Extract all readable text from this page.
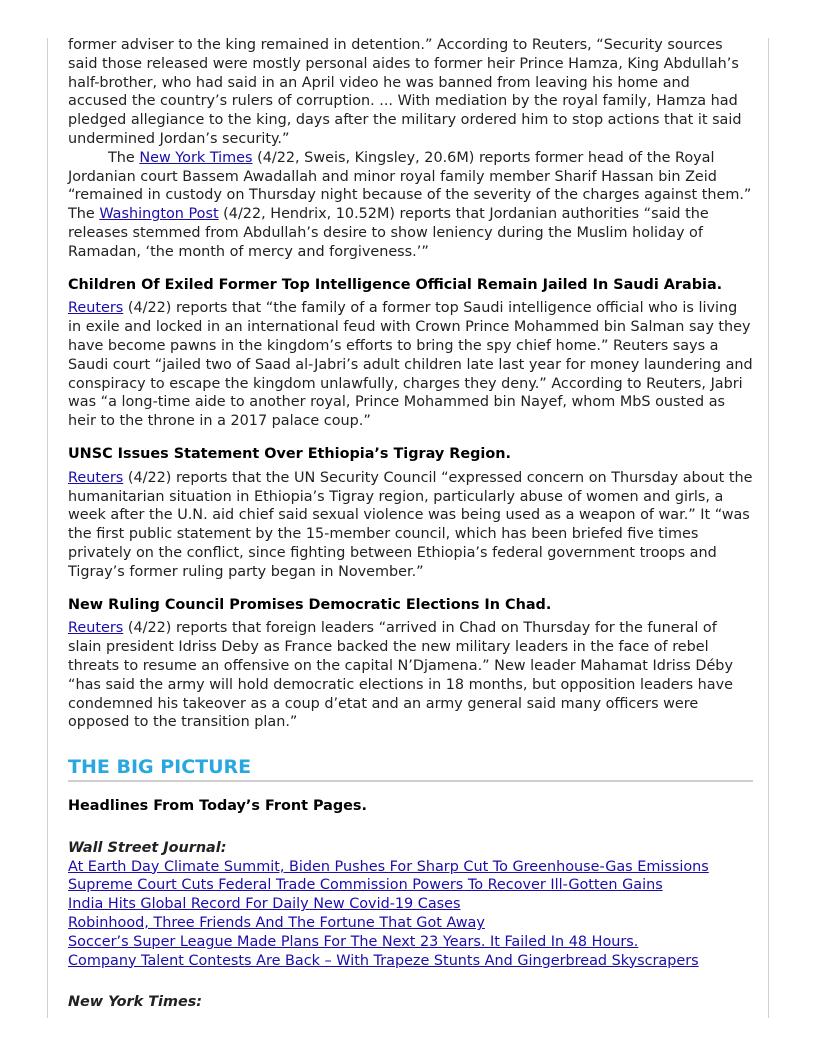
former adviser to the king remained in detention.” According to Reuters, “Security sources said those released were mostly personal aides to former heir Prince Hamza, King Abdullah’s half-brother, who had said in an April video he was banned from leaving his home and accused the country’s rulers of corruption. ... With mediation by the royal family, Hamza had pledged allegiance to the king, days after the military ordered him to stop actions that it said undermined Jordan’s security.”

The New York Times (4/22, Sweis, Kingsley, 20.6M) reports former head of the Royal Jordanian court Bassem Awadallah and minor royal family member Sharif Hassan bin Zeid “remained in custody on Thursday night because of the severity of the charges against them.” The Washington Post (4/22, Hendrix, 10.52M) reports that Jordanian authorities “said the releases stemmed from Abdullah’s desire to show leniency during the Muslim holiday of Ramadan, ‘the month of mercy and forgiveness.’”

Children Of Exiled Former Top Intelligence Official Remain Jailed In Saudi Arabia.

Reuters (4/22) reports that “the family of a former top Saudi intelligence official who is living in exile and locked in an international feud with Crown Prince Mohammed bin Salman say they have become pawns in the kingdom’s efforts to bring the spy chief home.” Reuters says a Saudi court “jailed two of Saad al-Jabri’s adult children late last year for money laundering and conspiracy to escape the kingdom unlawfully, charges they deny.” According to Reuters, Jabri was “a long-time aide to another royal, Prince Mohammed bin Nayef, whom MbS ousted as heir to the throne in a 2017 palace coup.”

UNSC Issues Statement Over Ethiopia’s Tigray Region.

Reuters (4/22) reports that the UN Security Council “expressed concern on Thursday about the humanitarian situation in Ethiopia’s Tigray region, particularly abuse of women and girls, a week after the U.N. aid chief said sexual violence was being used as a weapon of war.” It “was the first public statement by the 15-member council, which has been briefed five times privately on the conflict, since fighting between Ethiopia’s federal government troops and Tigray’s former ruling party began in November.”

New Ruling Council Promises Democratic Elections In Chad.

Reuters (4/22) reports that foreign leaders “arrived in Chad on Thursday for the funeral of slain president Idriss Deby as France backed the new military leaders in the face of rebel threats to resume an offensive on the capital N’Djamena.” New leader Mahamat Idriss Déby “has said the army will hold democratic elections in 18 months, but opposition leaders have condemned his takeover as a coup d’etat and an army general said many officers were opposed to the transition plan.”

THE BIG PICTURE
Headlines From Today’s Front Pages.
Wall Street Journal:
At Earth Day Climate Summit, Biden Pushes For Sharp Cut To Greenhouse-Gas Emissions
Supreme Court Cuts Federal Trade Commission Powers To Recover Ill-Gotten Gains
India Hits Global Record For Daily New Covid-19 Cases
Robinhood, Three Friends And The Fortune That Got Away
Soccer’s Super League Made Plans For The Next 23 Years. It Failed In 48 Hours.
Company Talent Contests Are Back – With Trapeze Stunts And Gingerbread Skyscrapers
New York Times:
